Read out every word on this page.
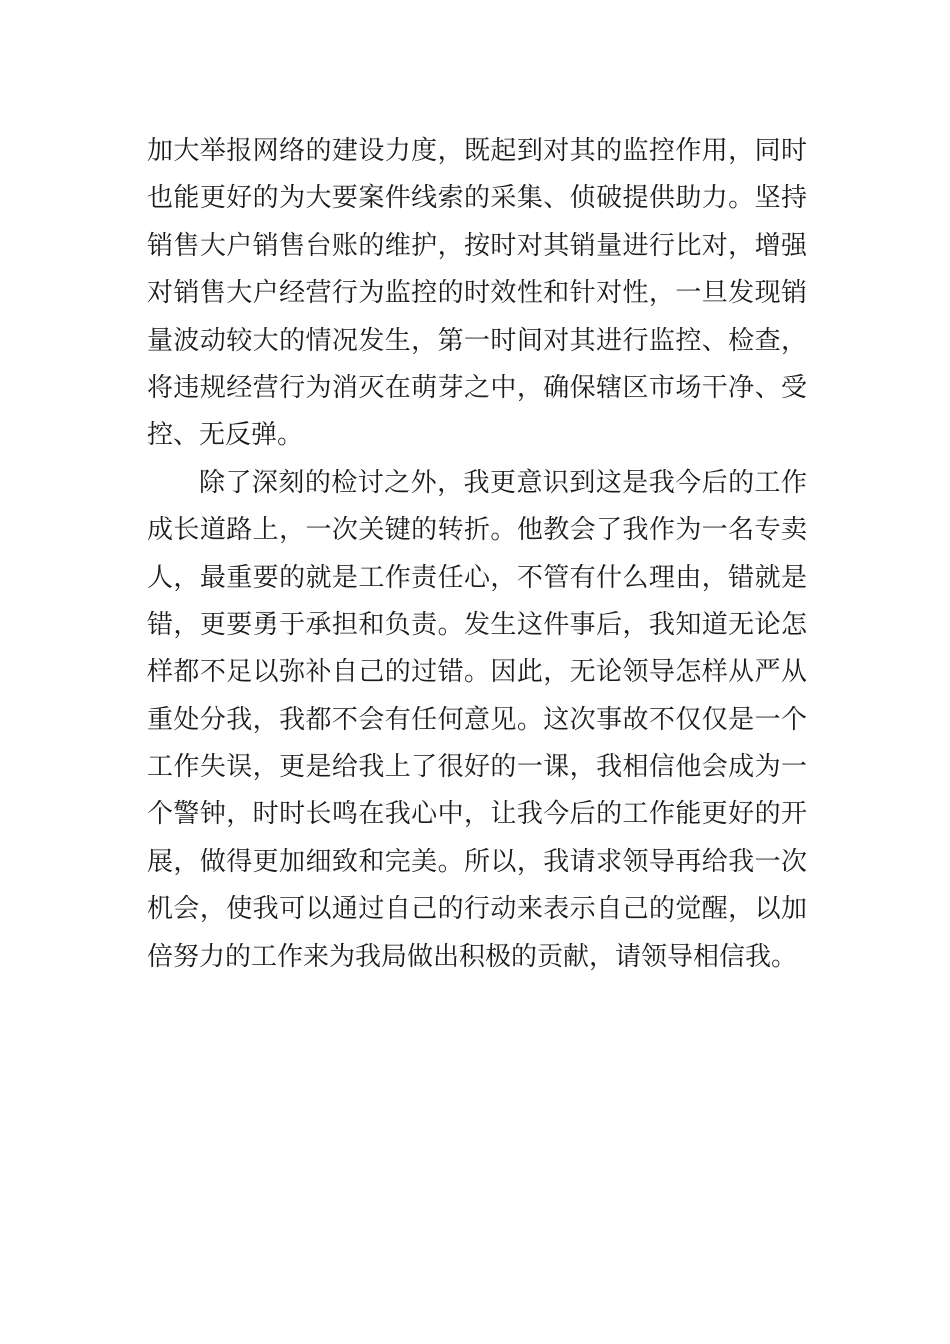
加大举报网络的建设力度，既起到对其的监控作用，同时
也能更好的为大要案件线索的采集、侦破提供助力。坚持
销售大户销售台账的维护，按时对其销量进行比对，增强
对销售大户经营行为监控的时效性和针对性，一旦发现销
量波动较大的情况发生，第一时间对其进行监控、检查，
将违规经营行为消灭在萌芽之中，确保辖区市场干净、受
控、无反弹。
除了深刻的检讨之外，我更意识到这是我今后的工作
成长道路上，一次关键的转折。他教会了我作为一名专卖
人，最重要的就是工作责任心，不管有什么理由，错就是
错，更要勇于承担和负责。发生这件事后，我知道无论怎
样都不足以弥补自己的过错。因此，无论领导怎样从严从
重处分我，我都不会有任何意见。这次事故不仅仅是一个
工作失误，更是给我上了很好的一课，我相信他会成为一
个警钟，时时长鸣在我心中，让我今后的工作能更好的开
展，做得更加细致和完美。所以，我请求领导再给我一次
机会，使我可以通过自己的行动来表示自己的觉醒，以加
倍努力的工作来为我局做出积极的贡献，请领导相信我。
